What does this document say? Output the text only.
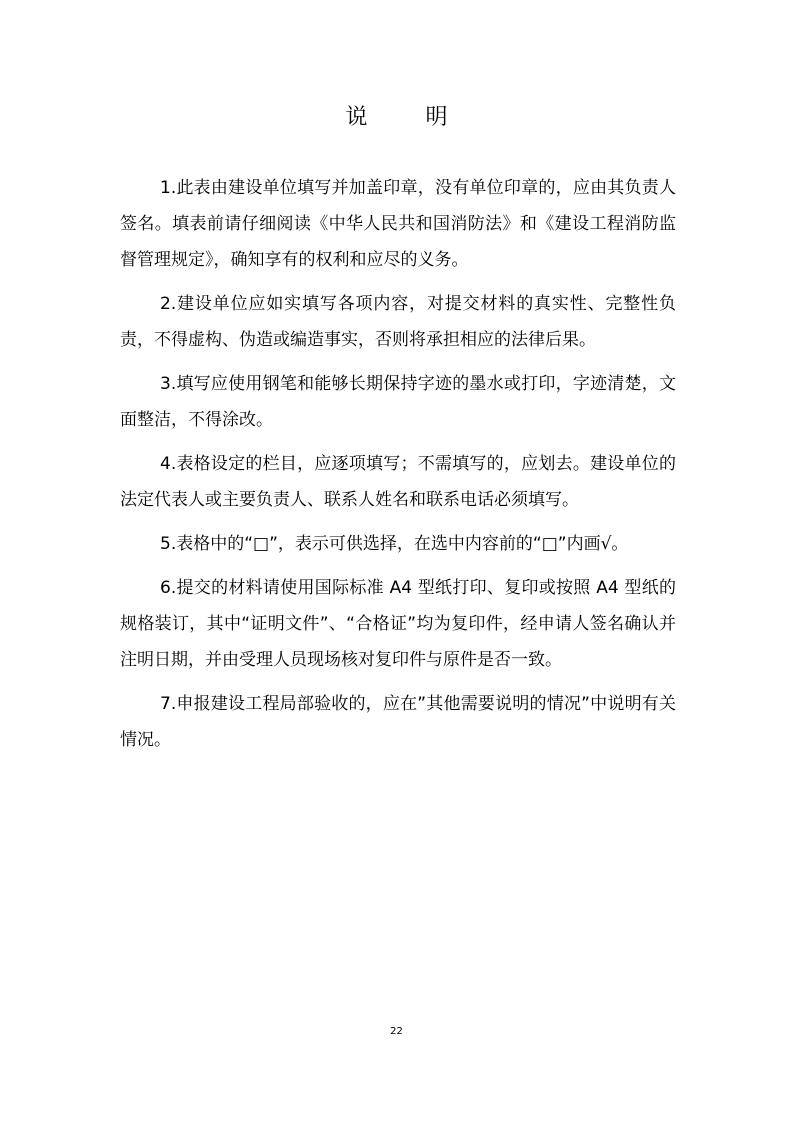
说	明

1.此表由建设单位填写并加盖印章，没有单位印章的，应由其负责人签名。填表前请仔细阅读《中华人民共和国消防法》和《建设工程消防监督管理规定》，确知享有的权利和应尽的义务。

2.建设单位应如实填写各项内容，对提交材料的真实性、完整性负责，不得虚构、伪造或编造事实，否则将承担相应的法律后果。

3.填写应使用钢笔和能够长期保持字迹的墨水或打印，字迹清楚，文面整洁，不得涂改。

4.表格设定的栏目，应逐项填写；不需填写的，应划去。建设单位的法定代表人或主要负责人、联系人姓名和联系电话必须填写。

5.表格中的“□”，表示可供选择，在选中内容前的“□”内画√。

6.提交的材料请使用国际标准 A4 型纸打印、复印或按照 A4 型纸的规格装订，其中“证明文件”、“合格证”均为复印件，经申请人签名确认并注明日期，并由受理人员现场核对复印件与原件是否一致。

7.申报建设工程局部验收的，应在”其他需要说明的情况”中说明有关情况。

22
